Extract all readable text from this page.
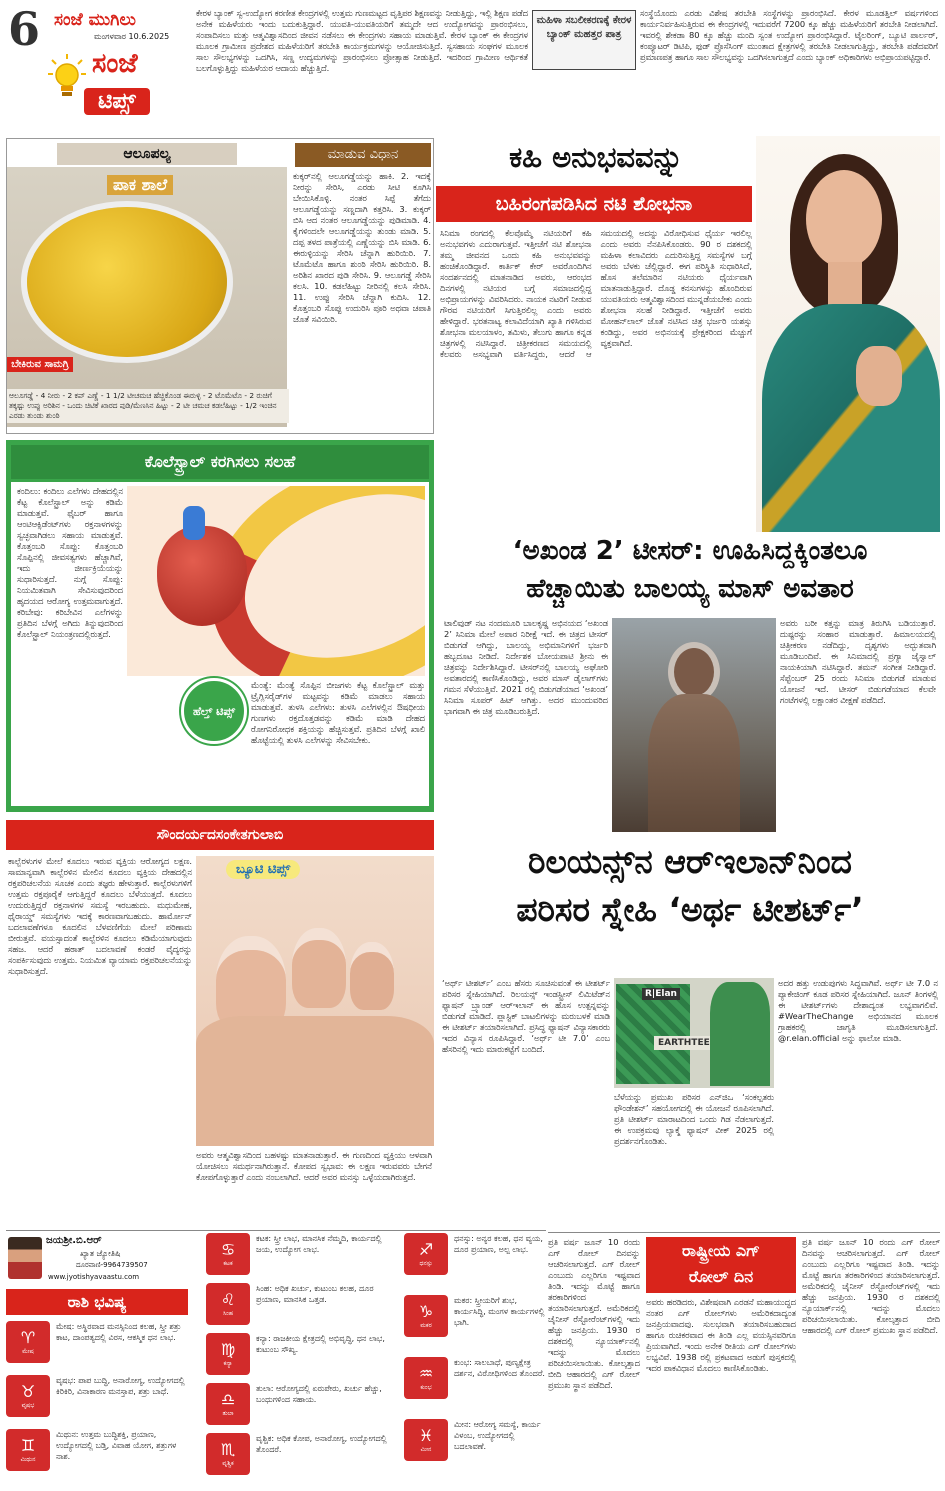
6 ಸಂಜೆ ಮುಗಿಲು
ಮಂಗಳವಾರ 10.6.2025
ಸಂಜೆ
ಟಿಪ್ಸ್
ಕೇರಳ ಬ್ಯಾಂಕ್ ಸ್ವ-ಉದ್ಯೋಗ ಕರಣೀತ ಕೇಂದ್ರಗಳಲ್ಲಿ ಉತ್ತಮ ಗುಣಮಟ್ಟದ ವೃತ್ತಿಪರ ಶಿಕ್ಷಣವನ್ನು ನೀಡುತ್ತಿದ್ದು, ಇಲ್ಲಿ ಶಿಕ್ಷಣ ಪಡೆದ ಅನೇಕ ಮಹಿಳೆಯರು ಇಂದು ಬದುಕುತ್ತಿದ್ದಾರೆ. ಯುವತಿ-ಯುವತಿಯರಿಗೆ ತಮ್ಮದೇ ಆದ ಉದ್ಯೋಗವನ್ನು ಪ್ರಾರಂಭಿಸಲು, ಸಂಪಾದಿಸಲು ಮತ್ತು ಆತ್ಮವಿಶ್ವಾಸದಿಂದ ಜೀವನ ನಡೆಸಲು ಈ ಕೇಂದ್ರಗಳು ಸಹಾಯ ಮಾಡುತ್ತಿವೆ. ಕೇರಳ ಬ್ಯಾಂಕ್ ಈ ಕೇಂದ್ರಗಳ ಮೂಲಕ ಗ್ರಾಮೀಣ ಪ್ರದೇಶದ ಮಹಿಳೆಯರಿಗೆ ತರಬೇತಿ ಕಾರ್ಯಕ್ರಮಗಳನ್ನು ಆಯೋಜಿಸುತ್ತಿದೆ. ಸ್ವಸಹಾಯ ಸಂಘಗಳ ಮೂಲಕ ಸಾಲ ಸೌಲಭ್ಯಗಳನ್ನು ಒದಗಿಸಿ, ಸಣ್ಣ ಉದ್ಯಮಗಳನ್ನು ಪ್ರಾರಂಭಿಸಲು ಪ್ರೋತ್ಸಾಹ ನೀಡುತ್ತಿದೆ. ಇದರಿಂದ ಗ್ರಾಮೀಣ ಆರ್ಥಿಕತೆ ಬಲಗೊಳ್ಳುತ್ತಿದ್ದು ಮಹಿಳೆಯರ ಆದಾಯ ಹೆಚ್ಚುತ್ತಿದೆ.
ಮಹಿಳಾ ಸಬಲೀಕರಣಕ್ಕೆ ಕೇರಳ ಬ್ಯಾಂಕ್ ಮಹತ್ತರ ಪಾತ್ರ
ಸಂಸ್ಥೆಯೊಂದು ಎರಡು ವಿಶೇಷ ತರಬೇತಿ ಸಂಸ್ಥೆಗಳನ್ನು ಪ್ರಾರಂಭಿಸಿದೆ. ಕೇರಳ ಮೂಡತ್ತಿಲ್ ವರ್ಷಗಳಿಂದ ಕಾರ್ಯನಿರ್ವಹಿಸುತ್ತಿರುವ ಈ ಕೇಂದ್ರಗಳಲ್ಲಿ ಇದುವರೆಗೆ 7200 ಕ್ಕೂ ಹೆಚ್ಚು ಮಹಿಳೆಯರಿಗೆ ತರಬೇತಿ ನೀಡಲಾಗಿದೆ. ಇವರಲ್ಲಿ ಶೇಕಡಾ 80 ಕ್ಕೂ ಹೆಚ್ಚು ಮಂದಿ ಸ್ವಂತ ಉದ್ಯೋಗ ಪ್ರಾರಂಭಿಸಿದ್ದಾರೆ. ಟೈಲರಿಂಗ್, ಬ್ಯೂಟಿ ಪಾರ್ಲರ್, ಕಂಪ್ಯೂಟರ್ ಡಿಟಿಪಿ, ಫುಡ್ ಪ್ರೊಸೆಸಿಂಗ್ ಮುಂತಾದ ಕ್ಷೇತ್ರಗಳಲ್ಲಿ ತರಬೇತಿ ನೀಡಲಾಗುತ್ತಿದ್ದು, ತರಬೇತಿ ಪಡೆದವರಿಗೆ ಪ್ರಮಾಣಪತ್ರ ಹಾಗೂ ಸಾಲ ಸೌಲಭ್ಯವನ್ನು ಒದಗಿಸಲಾಗುತ್ತದೆ ಎಂದು ಬ್ಯಾಂಕ್ ಅಧಿಕಾರಿಗಳು ಅಭಿಪ್ರಾಯಪಟ್ಟಿದ್ದಾರೆ.
ಆಲೂಪಲ್ಯ	ಮಾಡುವ ವಿಧಾನ
ಪಾಕ ಶಾಲೆ
ಬೇಕಿರುವ ಸಾಮಗ್ರಿ
ಆಲೂಗಡ್ಡೆ - 4 ನೀರು - 2 ಕಪ್ ಎಣ್ಣೆ - 1 1/2 ಟೀಚಮಚ ಹೆಚ್ಚಿಕೊಂಡ ಈರುಳ್ಳಿ - 2 ಟೊಮೆಟೊ - 2 ರುಚಿಗೆ ತಕ್ಕಷ್ಟು ಉಪ್ಪು ಅರಿಶಿನ - ಒಂದು ಚಿಟಿಕೆ ಖಾರದ ಪುಡಿ/ಮೆಣಸಿನ ಹಿಟ್ಟು - 2 ಟೀ ಚಮಚ ಕಡಲೆಹಿಟ್ಟು - 1/2 ಇಂಚಿನ ಎರಡು ತುಂಡು ಶುಂಠಿ
ಕುಕ್ಕರ್‌ನಲ್ಲಿ ಆಲೂಗಡ್ಡೆಯನ್ನು ಹಾಕಿ. 2. ಇದಕ್ಕೆ ನೀರನ್ನು ಸೇರಿಸಿ, ಎರಡು ಸೀಟಿ ಕೂಗಿಸಿ ಬೇಯಿಸಿಕೊಳ್ಳಿ. ನಂತರ ಸಿಪ್ಪೆ ತೆಗೆದು ಆಲೂಗಡ್ಡೆಯನ್ನು ಸಣ್ಣದಾಗಿ ಕತ್ತರಿಸಿ. 3. ಕುಕ್ಕರ್ ಬಿಸಿ ಆದ ನಂತರ ಆಲೂಗಡ್ಡೆಯನ್ನು ಪುಡಿಮಾಡಿ. 4. ಕೈಗಳಿಂದಲೇ ಆಲೂಗಡ್ಡೆಯನ್ನು ತುಂಡು ಮಾಡಿ. 5. ದಪ್ಪ ತಳದ ಪಾತ್ರೆಯಲ್ಲಿ ಎಣ್ಣೆಯನ್ನು ಬಿಸಿ ಮಾಡಿ. 6. ಈರುಳ್ಳಿಯನ್ನು ಸೇರಿಸಿ ಚೆನ್ನಾಗಿ ಹುರಿಯಿರಿ. 7. ಟೊಮೆಟೊ ಹಾಗೂ ಶುಂಠಿ ಸೇರಿಸಿ ಹುರಿಯಿರಿ. 8. ಅರಿಶಿನ ಖಾರದ ಪುಡಿ ಸೇರಿಸಿ. 9. ಆಲೂಗಡ್ಡೆ ಸೇರಿಸಿ ಕಲಸಿ. 10. ಕಡಲೆಹಿಟ್ಟು ನೀರಿನಲ್ಲಿ ಕಲಸಿ ಸೇರಿಸಿ. 11. ಉಪ್ಪು ಸೇರಿಸಿ ಚೆನ್ನಾಗಿ ಕುದಿಸಿ. 12. ಕೊತ್ತಂಬರಿ ಸೊಪ್ಪು ಉದುರಿಸಿ ಪೂರಿ ಅಥವಾ ಚಪಾತಿ ಜೊತೆ ಸವಿಯಿರಿ.
ಕಹಿ ಅನುಭವವನ್ನು
ಬಹಿರಂಗಪಡಿಸಿದ ನಟಿ ಶೋಭನಾ
ಸಿನಿಮಾ ರಂಗದಲ್ಲಿ ಕೆಲವೊಮ್ಮೆ ನಟಿಯರಿಗೆ ಕಹಿ ಅನುಭವಗಳು ಎದುರಾಗುತ್ತವೆ. ಇತ್ತೀಚೆಗೆ ನಟಿ ಶೋಭನಾ ತಮ್ಮ ಜೀವನದ ಒಂದು ಕಹಿ ಅನುಭವವನ್ನು ಹಂಚಿಕೊಂಡಿದ್ದಾರೆ. ಕಾರ್ತಿಕ್ ಕೇರ್ ಅವರೊಂದಿಗಿನ ಸಂದರ್ಶನದಲ್ಲಿ ಮಾತನಾಡಿದ ಅವರು, ಆರಂಭದ ದಿನಗಳಲ್ಲಿ ನಟಿಯರ ಬಗ್ಗೆ ಸಮಾಜದಲ್ಲಿದ್ದ ಅಭಿಪ್ರಾಯಗಳನ್ನು ವಿವರಿಸಿದರು. ನಾಯಕ ನಟರಿಗೆ ನೀಡುವ ಗೌರವ ನಟಿಯರಿಗೆ ಸಿಗುತ್ತಿರಲಿಲ್ಲ ಎಂದು ಅವರು ಹೇಳಿದ್ದಾರೆ. ಭರತನಾಟ್ಯ ಕಲಾವಿದೆಯಾಗಿ ಖ್ಯಾತಿ ಗಳಿಸಿರುವ ಶೋಭನಾ ಮಲಯಾಳಂ, ತಮಿಳು, ತೆಲುಗು ಹಾಗೂ ಕನ್ನಡ ಚಿತ್ರಗಳಲ್ಲಿ ನಟಿಸಿದ್ದಾರೆ. ಚಿತ್ರೀಕರಣದ ಸಮಯದಲ್ಲಿ ಕೆಲವರು ಅಸಭ್ಯವಾಗಿ ವರ್ತಿಸಿದ್ದರು, ಆದರೆ ಆ ಸಮಯದಲ್ಲಿ ಅದನ್ನು ವಿರೋಧಿಸುವ ಧೈರ್ಯ ಇರಲಿಲ್ಲ ಎಂದು ಅವರು ನೆನಪಿಸಿಕೊಂಡರು. 90 ರ ದಶಕದಲ್ಲಿ ಮಹಿಳಾ ಕಲಾವಿದರು ಎದುರಿಸುತ್ತಿದ್ದ ಸಮಸ್ಯೆಗಳ ಬಗ್ಗೆ ಅವರು ಬೆಳಕು ಚೆಲ್ಲಿದ್ದಾರೆ. ಈಗ ಪರಿಸ್ಥಿತಿ ಸುಧಾರಿಸಿದೆ, ಹೊಸ ತಲೆಮಾರಿನ ನಟಿಯರು ಧೈರ್ಯವಾಗಿ ಮಾತನಾಡುತ್ತಿದ್ದಾರೆ. ದೊಡ್ಡ ಕನಸುಗಳನ್ನು ಹೊಂದಿರುವ ಯುವತಿಯರು ಆತ್ಮವಿಶ್ವಾಸದಿಂದ ಮುನ್ನಡೆಯಬೇಕು ಎಂದು ಶೋಭನಾ ಸಲಹೆ ನೀಡಿದ್ದಾರೆ. ಇತ್ತೀಚೆಗೆ ಅವರು ಮೋಹನ್‌ಲಾಲ್ ಜೊತೆ ನಟಿಸಿದ ಚಿತ್ರ ಭರ್ಜರಿ ಯಶಸ್ಸು ಕಂಡಿದ್ದು, ಅವರ ಅಭಿನಯಕ್ಕೆ ಪ್ರೇಕ್ಷಕರಿಂದ ಮೆಚ್ಚುಗೆ ವ್ಯಕ್ತವಾಗಿದೆ.
ಕೊಲೆಸ್ಟ್ರಾಲ್ ಕರಗಿಸಲು ಸಲಹೆ
ಕಂದಿಲು: ಕಂದಿಲು ಎಲೆಗಳು ದೇಹದಲ್ಲಿನ ಕೆಟ್ಟ ಕೊಲೆಸ್ಟ್ರಾಲ್ ಅನ್ನು ಕಡಿಮೆ ಮಾಡುತ್ತವೆ. ಫೈಬರ್ ಹಾಗೂ ಆಂಟಿಆಕ್ಸಿಡೆಂಟ್‌ಗಳು ರಕ್ತನಾಳಗಳನ್ನು ಸ್ವಚ್ಛವಾಗಿಡಲು ಸಹಾಯ ಮಾಡುತ್ತವೆ. ಕೊತ್ತಂಬರಿ ಸೊಪ್ಪು: ಕೊತ್ತಂಬರಿ ಸೊಪ್ಪಿನಲ್ಲಿ ಜೀವಸತ್ವಗಳು ಹೆಚ್ಚಾಗಿವೆ, ಇದು ಜೀರ್ಣಕ್ರಿಯೆಯನ್ನು ಸುಧಾರಿಸುತ್ತದೆ. ನುಗ್ಗೆ ಸೊಪ್ಪು: ನಿಯಮಿತವಾಗಿ ಸೇವಿಸುವುದರಿಂದ ಹೃದಯದ ಆರೋಗ್ಯ ಉತ್ತಮವಾಗುತ್ತದೆ. ಕರಿಬೇವು: ಕರಿಬೇವಿನ ಎಲೆಗಳನ್ನು ಪ್ರತಿದಿನ ಬೆಳಗ್ಗೆ ಅಗಿದು ತಿನ್ನುವುದರಿಂದ ಕೊಲೆಸ್ಟ್ರಾಲ್ ನಿಯಂತ್ರಣದಲ್ಲಿರುತ್ತದೆ.
ಹೆಲ್ತ್ ಟಿಪ್ಸ್
ಮೆಂತ್ಯೆ: ಮೆಂತ್ಯೆ ಸೊಪ್ಪಿನ ಬೀಜಗಳು ಕೆಟ್ಟ ಕೊಲೆಸ್ಟ್ರಾಲ್ ಮತ್ತು ಟ್ರೈಗ್ಲಿಸರೈಡ್‌ಗಳ ಮಟ್ಟವನ್ನು ಕಡಿಮೆ ಮಾಡಲು ಸಹಾಯ ಮಾಡುತ್ತವೆ. ತುಳಸಿ ಎಲೆಗಳು: ತುಳಸಿ ಎಲೆಗಳಲ್ಲಿನ ಔಷಧೀಯ ಗುಣಗಳು ರಕ್ತದೊತ್ತಡವನ್ನು ಕಡಿಮೆ ಮಾಡಿ ದೇಹದ ರೋಗನಿರೋಧಕ ಶಕ್ತಿಯನ್ನು ಹೆಚ್ಚಿಸುತ್ತವೆ. ಪ್ರತಿದಿನ ಬೆಳಗ್ಗೆ ಖಾಲಿ ಹೊಟ್ಟೆಯಲ್ಲಿ ತುಳಸಿ ಎಲೆಗಳನ್ನು ಸೇವಿಸಬೇಕು.
‘ಅಖಂಡ 2’ ಟೀಸರ್: ಊಹಿಸಿದ್ದಕ್ಕಿಂತಲೂ
ಹೆಚ್ಚಾಯಿತು ಬಾಲಯ್ಯ ಮಾಸ್ ಅವತಾರ
ಟಾಲಿವುಡ್ ನಟ ನಂದಮೂರಿ ಬಾಲಕೃಷ್ಣ ಅಭಿನಯದ ‘ಅಖಂಡ 2’ ಸಿನಿಮಾ ಮೇಲೆ ಅಪಾರ ನಿರೀಕ್ಷೆ ಇದೆ. ಈ ಚಿತ್ರದ ಟೀಸರ್ ಬಿಡುಗಡೆ ಆಗಿದ್ದು, ಬಾಲಯ್ಯ ಅಭಿಮಾನಿಗಳಿಗೆ ಭರ್ಜರಿ ಹಬ್ಬದೂಟ ನೀಡಿದೆ. ನಿರ್ದೇಶಕ ಬೋಯಪಾಟಿ ಶ್ರೀನು ಈ ಚಿತ್ರವನ್ನು ನಿರ್ದೇಶಿಸಿದ್ದಾರೆ. ಟೀಸರ್‌ನಲ್ಲಿ ಬಾಲಯ್ಯ ಅಘೋರಿ ಅವತಾರದಲ್ಲಿ ಕಾಣಿಸಿಕೊಂಡಿದ್ದು, ಅವರ ಮಾಸ್ ಡೈಲಾಗ್‌ಗಳು ಗಮನ ಸೆಳೆಯುತ್ತಿವೆ. 2021 ರಲ್ಲಿ ಬಿಡುಗಡೆಯಾದ ‘ಅಖಂಡ’ ಸಿನಿಮಾ ಸೂಪರ್ ಹಿಟ್ ಆಗಿತ್ತು. ಅದರ ಮುಂದುವರಿದ ಭಾಗವಾಗಿ ಈ ಚಿತ್ರ ಮೂಡಿಬರುತ್ತಿದೆ.
ಅವರು ಬರೀ ಕತ್ತನ್ನು ಮಾತ್ರ ತಿರುಗಿಸಿ ಬಡಿಯುತ್ತಾರೆ. ದುಷ್ಟರನ್ನು ಸಂಹಾರ ಮಾಡುತ್ತಾರೆ. ಹಿಮಾಲಯದಲ್ಲಿ ಚಿತ್ರೀಕರಣ ನಡೆದಿದ್ದು, ದೃಶ್ಯಗಳು ಅದ್ಭುತವಾಗಿ ಮೂಡಿಬಂದಿವೆ. ಈ ಸಿನಿಮಾದಲ್ಲಿ ಪ್ರಗ್ಯಾ ಜೈಸ್ವಾಲ್ ನಾಯಕಿಯಾಗಿ ನಟಿಸಿದ್ದಾರೆ. ತಮನ್ ಸಂಗೀತ ನೀಡಿದ್ದಾರೆ. ಸೆಪ್ಟೆಂಬರ್ 25 ರಂದು ಸಿನಿಮಾ ಬಿಡುಗಡೆ ಮಾಡುವ ಯೋಜನೆ ಇದೆ. ಟೀಸರ್ ಬಿಡುಗಡೆಯಾದ ಕೆಲವೇ ಗಂಟೆಗಳಲ್ಲಿ ಲಕ್ಷಾಂತರ ವೀಕ್ಷಣೆ ಪಡೆದಿದೆ.
ಸೌಂದರ್ಯದಸಂಕೇತಗುಲಾಬಿ
ಕಾಲ್ಬೆರಳುಗಳ ಮೇಲೆ ಕೂದಲು ಇರುವ ವ್ಯಕ್ತಿಯ ಆರೋಗ್ಯದ ಲಕ್ಷಣ. ಸಾಮಾನ್ಯವಾಗಿ ಕಾಲ್ಬೆರಳಿನ ಮೇಲಿನ ಕೂದಲು ವ್ಯಕ್ತಿಯ ದೇಹದಲ್ಲಿನ ರಕ್ತಪರಿಚಲನೆಯ ಸೂಚಕ ಎಂದು ತಜ್ಞರು ಹೇಳುತ್ತಾರೆ. ಕಾಲ್ಬೆರಳುಗಳಿಗೆ ಉತ್ತಮ ರಕ್ತಪೂರೈಕೆ ಆಗುತ್ತಿದ್ದರೆ ಕೂದಲು ಬೆಳೆಯುತ್ತದೆ. ಕೂದಲು ಉದುರುತ್ತಿದ್ದರೆ ರಕ್ತನಾಳಗಳ ಸಮಸ್ಯೆ ಇರಬಹುದು. ಮಧುಮೇಹ, ಥೈರಾಯ್ಡ್ ಸಮಸ್ಯೆಗಳು ಇದಕ್ಕೆ ಕಾರಣವಾಗಬಹುದು. ಹಾರ್ಮೋನ್ ಬದಲಾವಣೆಗಳೂ ಕೂದಲಿನ ಬೆಳವಣಿಗೆಯ ಮೇಲೆ ಪರಿಣಾಮ ಬೀರುತ್ತವೆ. ವಯಸ್ಸಾದಂತೆ ಕಾಲ್ಬೆರಳಿನ ಕೂದಲು ಕಡಿಮೆಯಾಗುವುದು ಸಹಜ. ಆದರೆ ಹಠಾತ್ ಬದಲಾವಣೆ ಕಂಡರೆ ವೈದ್ಯರನ್ನು ಸಂಪರ್ಕಿಸುವುದು ಉತ್ತಮ. ನಿಯಮಿತ ವ್ಯಾಯಾಮ ರಕ್ತಪರಿಚಲನೆಯನ್ನು ಸುಧಾರಿಸುತ್ತದೆ.
ಬ್ಯೂಟಿ ಟಿಪ್ಸ್
ಅವರು ಆತ್ಮವಿಶ್ವಾಸದಿಂದ ಬಹಳಷ್ಟು ಮಾತನಾಡುತ್ತಾರೆ. ಈ ಗುಣದಿಂದ ವ್ಯಕ್ತಿಯು ಆಳವಾಗಿ ಯೋಚಿಸಲು ಸಮರ್ಥನಾಗಿರುತ್ತಾನೆ. ಕೋಪದ ಸ್ವಭಾವ: ಈ ಲಕ್ಷಣ ಇರುವವರು ಬೇಗನೆ ಕೋಪಗೊಳ್ಳುತ್ತಾರೆ ಎಂದು ನಂಬಲಾಗಿದೆ. ಆದರೆ ಅವರ ಮನಸ್ಸು ಒಳ್ಳೆಯದಾಗಿರುತ್ತದೆ.
ರಿಲಯನ್ಸ್‌ನ ಆರ್‌ಇಲಾನ್‌ನಿಂದ
ಪರಿಸರ ಸ್ನೇಹಿ ‘ಅರ್ಥ ಟೀಶರ್ಟ್’
‘ಅರ್ಥ್ ಟೀಶರ್ಟ್’ ಎಂಬ ಹೆಸರು ಸೂಚಿಸುವಂತೆ ಈ ಟೀಶರ್ಟ್ ಪರಿಸರ ಸ್ನೇಹಿಯಾಗಿದೆ. ರಿಲಯನ್ಸ್ ಇಂಡಸ್ಟ್ರೀಸ್ ಲಿಮಿಟೆಡ್‌ನ ಫ್ಯಾಷನ್ ಬ್ರ್ಯಾಂಡ್ ಆರ್‌ಇಲಾನ್ ಈ ಹೊಸ ಉತ್ಪನ್ನವನ್ನು ಬಿಡುಗಡೆ ಮಾಡಿದೆ. ಪ್ಲಾಸ್ಟಿಕ್ ಬಾಟಲಿಗಳನ್ನು ಮರುಬಳಕೆ ಮಾಡಿ ಈ ಟೀಶರ್ಟ್ ತಯಾರಿಸಲಾಗಿದೆ. ಪ್ರಸಿದ್ಧ ಫ್ಯಾಷನ್ ವಿನ್ಯಾಸಕಾರರು ಇದರ ವಿನ್ಯಾಸ ರೂಪಿಸಿದ್ದಾರೆ. ‘ಅರ್ಥ್ ಟೀ 7.0’ ಎಂಬ ಹೆಸರಿನಲ್ಲಿ ಇದು ಮಾರುಕಟ್ಟೆಗೆ ಬಂದಿದೆ.
R|Elan
EARTHTEE
ಬೆಳೆಯನ್ನು ಪ್ರಮುಖ ಪರಿಸರ ಎನ್‌ಜಿಒ ‘ಸಂಕಲ್ಪತರು ಫೌಂಡೇಶನ್’ ಸಹಯೋಗದಲ್ಲಿ ಈ ಯೋಜನೆ ರೂಪಿಸಲಾಗಿದೆ. ಪ್ರತಿ ಟೀಶರ್ಟ್ ಮಾರಾಟದಿಂದ ಒಂದು ಗಿಡ ನೆಡಲಾಗುತ್ತದೆ. ಈ ಉಪಕ್ರಮವು ಲ್ಯಾಕ್ಮೆ ಫ್ಯಾಷನ್ ವೀಕ್ 2025 ರಲ್ಲಿ ಪ್ರದರ್ಶನಗೊಂಡಿತು.
ಅದರ ಹತ್ತು ಉಡುಪುಗಳು ಸಿದ್ಧವಾಗಿವೆ. ಅರ್ಥ್ ಟೀ 7.0 ನ ಪ್ಯಾಕೇಜಿಂಗ್ ಕೂಡ ಪರಿಸರ ಸ್ನೇಹಿಯಾಗಿದೆ. ಜೂನ್ ತಿಂಗಳಲ್ಲಿ ಈ ಟೀಶರ್ಟ್‌ಗಳು ದೇಶಾದ್ಯಂತ ಲಭ್ಯವಾಗಲಿವೆ. #WearTheChange ಅಭಿಯಾನದ ಮೂಲಕ ಗ್ರಾಹಕರಲ್ಲಿ ಜಾಗೃತಿ ಮೂಡಿಸಲಾಗುತ್ತಿದೆ. @r.elan.official ಅನ್ನು ಫಾಲೋ ಮಾಡಿ.
ಜಯಶ್ರೀ.ಬಿ.ಆರ್
ಖ್ಯಾತ ಜ್ಯೋತಿಷಿ
ದೂರವಾಣಿ-9964739507
www.jyotishyavaastu.com
ರಾಶಿ ಭವಿಷ್ಯ
♈
ಮೇಷ
ಮೇಷ: ಅಸ್ಥಿರವಾದ ಮನಸ್ಸಿನಿಂದ ಕಲಹ, ಸ್ತ್ರೀ ಶತ್ರು ಕಾಟ, ದಾಂಪತ್ಯದಲ್ಲಿ ವಿರಸ, ಆಕಸ್ಮಿಕ ಧನ ಲಾಭ.
♉
ವೃಷಭ
ವೃಷಭ: ಪಾಪ ಬುದ್ಧಿ, ಅನಾರೋಗ್ಯ, ಉದ್ಯೋಗದಲ್ಲಿ ಕಿರಿಕಿರಿ, ವಿನಾಕಾರಣ ಮನಸ್ತಾಪ, ಶತ್ರು ಬಾಧೆ.
♊
ಮಿಥುನ
ಮಿಥುನ: ಉತ್ತಮ ಬುದ್ಧಿಶಕ್ತಿ, ಪ್ರಯಾಣ, ಉದ್ಯೋಗದಲ್ಲಿ ಬಡ್ತಿ, ವಿವಾಹ ಯೋಗ, ಶತ್ರುಗಳ ನಾಶ.
♋
ಕಟಕ
ಕಟಕ: ಸ್ತ್ರೀ ಲಾಭ, ಮಾನಸಿಕ ನೆಮ್ಮದಿ, ಕಾರ್ಯದಲ್ಲಿ ಜಯ, ಉದ್ಯೋಗ ಲಾಭ.
♌
ಸಿಂಹ
ಸಿಂಹ: ಅಧಿಕ ಖರ್ಚು, ಕುಟುಂಬ ಕಲಹ, ದೂರ ಪ್ರಯಾಣ, ಮಾನಸಿಕ ಒತ್ತಡ.
♍
ಕನ್ಯಾ
ಕನ್ಯಾ: ರಾಜಕೀಯ ಕ್ಷೇತ್ರದಲ್ಲಿ ಅಭಿವೃದ್ಧಿ, ಧನ ಲಾಭ, ಕುಟುಂಬ ಸೌಖ್ಯ.
♎
ತುಲಾ
ತುಲಾ: ಆರೋಗ್ಯದಲ್ಲಿ ಏರುಪೇರು, ಖರ್ಚು ಹೆಚ್ಚು, ಬಂಧುಗಳಿಂದ ಸಹಾಯ.
♏
ವೃಶ್ಚಿಕ
ವೃಶ್ಚಿಕ: ಅಧಿಕ ಕೋಪ, ಅನಾರೋಗ್ಯ, ಉದ್ಯೋಗದಲ್ಲಿ ತೊಂದರೆ.
♐
ಧನಸ್ಸು
ಧನಸ್ಸು: ಅನ್ಯರ ಕಲಹ, ಧನ ವ್ಯಯ, ದೂರ ಪ್ರಯಾಣ, ಅಲ್ಪ ಲಾಭ.
♑
ಮಕರ
ಮಕರ: ಸ್ತ್ರೀಯರಿಗೆ ಶುಭ, ಕಾರ್ಯಸಿದ್ಧಿ, ಮಂಗಳ ಕಾರ್ಯಗಳಲ್ಲಿ ಭಾಗಿ.
♒
ಕುಂಭ
ಕುಂಭ: ಸಾಲಬಾಧೆ, ಪುಣ್ಯಕ್ಷೇತ್ರ ದರ್ಶನ, ವಿರೋಧಿಗಳಿಂದ ತೊಂದರೆ.
♓
ಮೀನ
ಮೀನ: ಆರೋಗ್ಯ ಸಮಸ್ಯೆ, ಕಾರ್ಯ ವಿಳಂಬ, ಉದ್ಯೋಗದಲ್ಲಿ ಬದಲಾವಣೆ.
ಪ್ರತಿ ವರ್ಷ ಜೂನ್ 10 ರಂದು ಎಗ್ ರೋಲ್ ದಿನವನ್ನು ಆಚರಿಸಲಾಗುತ್ತದೆ. ಎಗ್ ರೋಲ್ ಎಂಬುದು ಎಲ್ಲರಿಗೂ ಇಷ್ಟವಾದ ತಿಂಡಿ. ಇದನ್ನು ಮೊಟ್ಟೆ ಹಾಗೂ ತರಕಾರಿಗಳಿಂದ ತಯಾರಿಸಲಾಗುತ್ತದೆ. ಅಮೆರಿಕದಲ್ಲಿ ಚೈನೀಸ್ ರೆಸ್ಟೋರೆಂಟ್‌ಗಳಲ್ಲಿ ಇದು ಹೆಚ್ಚು ಜನಪ್ರಿಯ. 1930 ರ ದಶಕದಲ್ಲಿ ನ್ಯೂಯಾರ್ಕ್‌ನಲ್ಲಿ ಇದನ್ನು ಮೊದಲು ಪರಿಚಯಿಸಲಾಯಿತು. ಕೋಲ್ಕತ್ತಾದ ಬೀದಿ ಆಹಾರದಲ್ಲಿ ಎಗ್ ರೋಲ್ ಪ್ರಮುಖ ಸ್ಥಾನ ಪಡೆದಿದೆ.
ರಾಷ್ಟ್ರೀಯ ಎಗ್
ರೋಲ್ ದಿನ
ಅವರು ಹರಡಿದರು, ವಿಶೇಷವಾಗಿ ಎರಡನೆ ಮಹಾಯುದ್ಧದ ನಂತರ ಎಗ್ ರೋಲ್‌ಗಳು ಅಮೆರಿಕದಾದ್ಯಂತ ಜನಪ್ರಿಯವಾದವು. ಸುಲಭವಾಗಿ ತಯಾರಿಸಬಹುದಾದ ಹಾಗೂ ರುಚಿಕರವಾದ ಈ ತಿಂಡಿ ಎಲ್ಲ ವಯಸ್ಸಿನವರಿಗೂ ಪ್ರಿಯವಾಗಿದೆ. ಇಂದು ಅನೇಕ ರೀತಿಯ ಎಗ್ ರೋಲ್‌ಗಳು ಲಭ್ಯವಿವೆ. 1938 ರಲ್ಲಿ ಪ್ರಕಟವಾದ ಅಡುಗೆ ಪುಸ್ತಕದಲ್ಲಿ ಇದರ ಪಾಕವಿಧಾನ ಮೊದಲು ಕಾಣಿಸಿಕೊಂಡಿತು.
ಪ್ರತಿ ವರ್ಷ ಜೂನ್ 10 ರಂದು ಎಗ್ ರೋಲ್ ದಿನವನ್ನು ಆಚರಿಸಲಾಗುತ್ತದೆ. ಎಗ್ ರೋಲ್ ಎಂಬುದು ಎಲ್ಲರಿಗೂ ಇಷ್ಟವಾದ ತಿಂಡಿ. ಇದನ್ನು ಮೊಟ್ಟೆ ಹಾಗೂ ತರಕಾರಿಗಳಿಂದ ತಯಾರಿಸಲಾಗುತ್ತದೆ. ಅಮೆರಿಕದಲ್ಲಿ ಚೈನೀಸ್ ರೆಸ್ಟೋರೆಂಟ್‌ಗಳಲ್ಲಿ ಇದು ಹೆಚ್ಚು ಜನಪ್ರಿಯ. 1930 ರ ದಶಕದಲ್ಲಿ ನ್ಯೂಯಾರ್ಕ್‌ನಲ್ಲಿ ಇದನ್ನು ಮೊದಲು ಪರಿಚಯಿಸಲಾಯಿತು. ಕೋಲ್ಕತ್ತಾದ ಬೀದಿ ಆಹಾರದಲ್ಲಿ ಎಗ್ ರೋಲ್ ಪ್ರಮುಖ ಸ್ಥಾನ ಪಡೆದಿದೆ.
